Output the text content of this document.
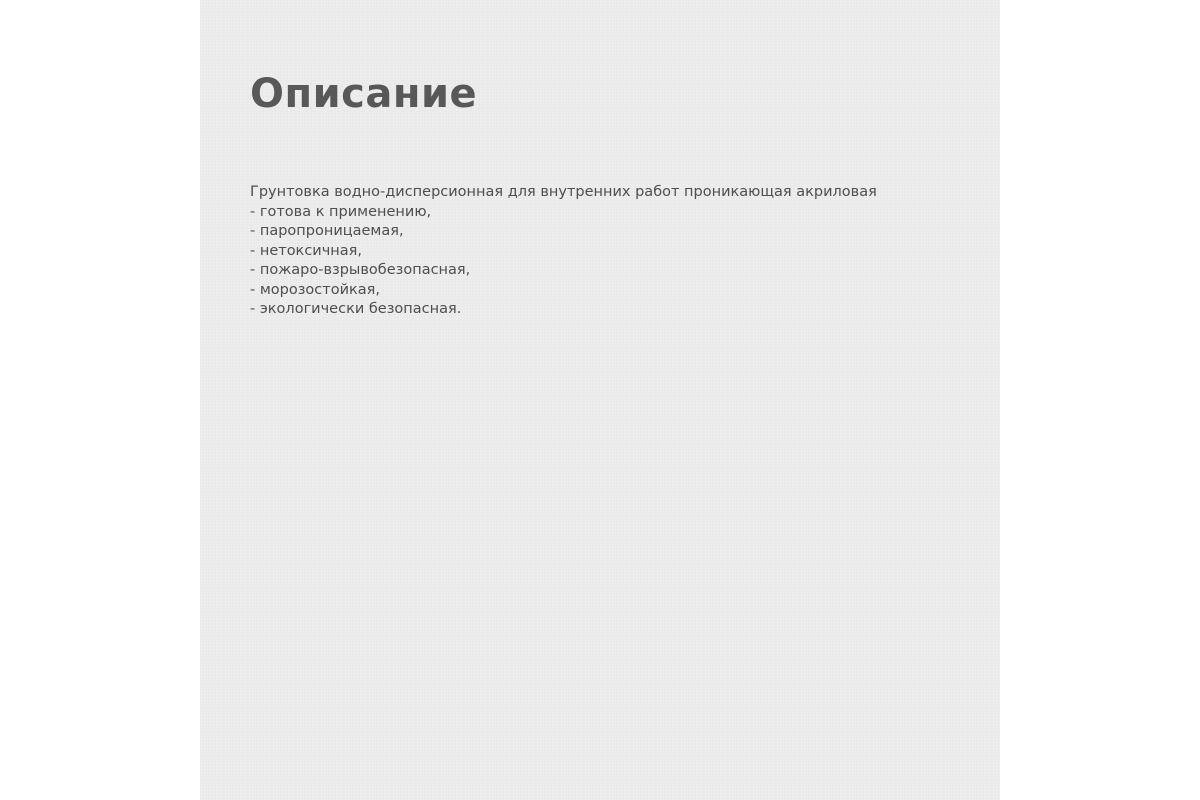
Описание
Грунтовка водно-дисперсионная для внутренних работ проникающая акриловая
- готова к применению,
- паропроницаемая,
- нетоксичная,
- пожаро-взрывобезопасная,
- морозостойкая,
- экологически безопасная.
